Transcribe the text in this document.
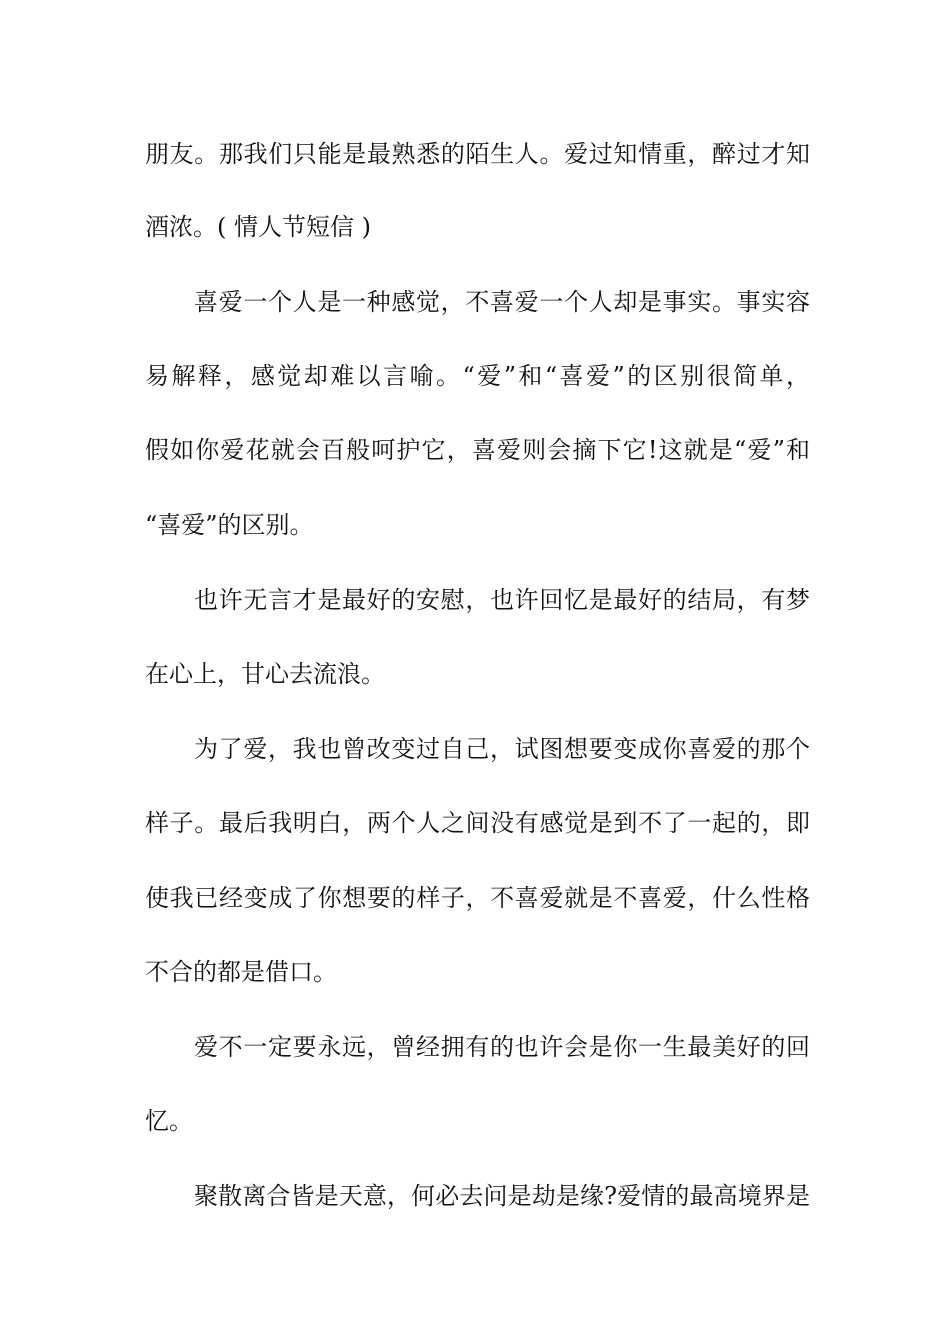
朋友。那我们只能是最熟悉的陌生人。爱过知情重，醉过才知
酒浓。( 情人节短信 )
喜爱一个人是一种感觉，不喜爱一个人却是事实。事实容
易解释，感觉却难以言喻。“爱”和“喜爱”的区别很简单，
假如你爱花就会百般呵护它，喜爱则会摘下它!这就是“爱”和
“喜爱”的区别。
也许无言才是最好的安慰，也许回忆是最好的结局，有梦
在心上，甘心去流浪。
为了爱，我也曾改变过自己，试图想要变成你喜爱的那个
样子。最后我明白，两个人之间没有感觉是到不了一起的，即
使我已经变成了你想要的样子，不喜爱就是不喜爱，什么性格
不合的都是借口。
爱不一定要永远，曾经拥有的也许会是你一生最美好的回
忆。
聚散离合皆是天意，何必去问是劫是缘?爱情的最高境界是
